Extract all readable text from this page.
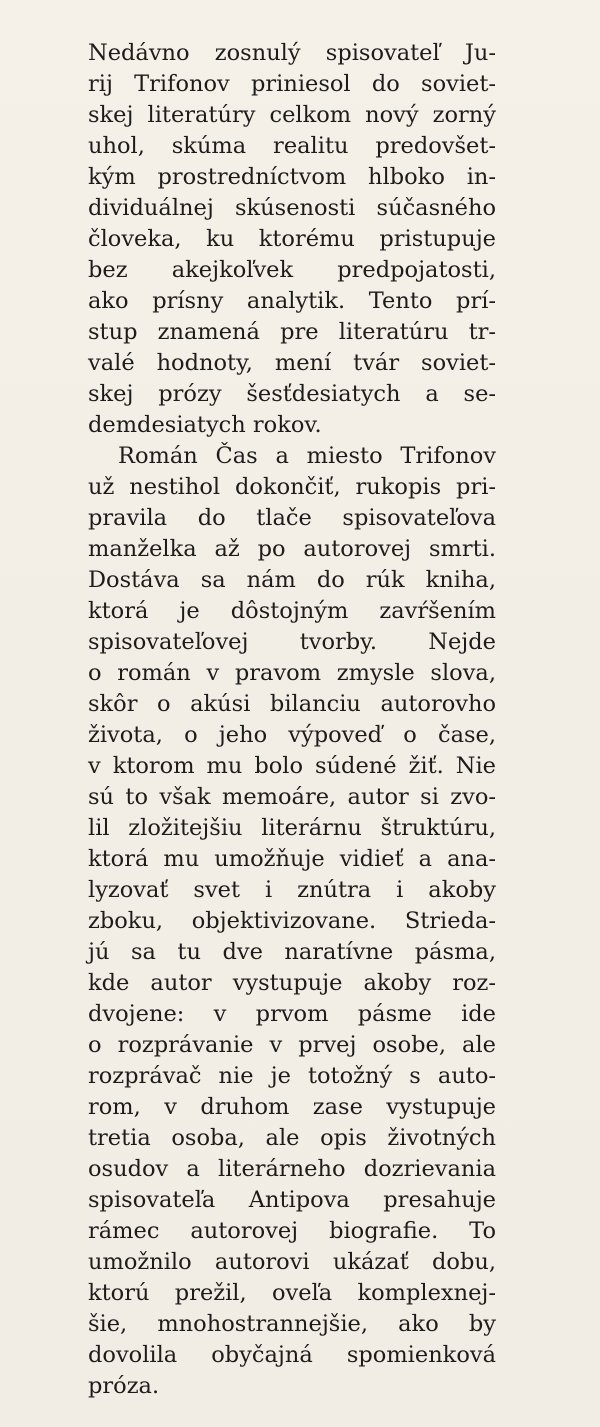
Nedávno zosnulý spisovateľ Ju-
rij Trifonov priniesol do soviet-
skej literatúry celkom nový zorný
uhol, skúma realitu predovšet-
kým prostredníctvom hlboko in-
dividuálnej skúsenosti súčasného
človeka, ku ktorému pristupuje
bez akejkoľvek predpojatosti,
ako prísny analytik. Tento prí-
stup znamená pre literatúru tr-
valé hodnoty, mení tvár soviet-
skej prózy šesťdesiatych a se-
demdesiatych rokov.
Román Čas a miesto Trifonov
už nestihol dokončiť, rukopis pri-
pravila do tlače spisovateľova
manželka až po autorovej smrti.
Dostáva sa nám do rúk kniha,
ktorá je dôstojným zavŕšením
spisovateľovej tvorby. Nejde
o román v pravom zmysle slova,
skôr o akúsi bilanciu autorovho
života, o jeho výpoveď o čase,
v ktorom mu bolo súdené žiť. Nie
sú to však memoáre, autor si zvo-
lil zložitejšiu literárnu štruktúru,
ktorá mu umožňuje vidieť a ana-
lyzovať svet i znútra i akoby
zboku, objektivizovane. Strieda-
jú sa tu dve naratívne pásma,
kde autor vystupuje akoby roz-
dvojene: v prvom pásme ide
o rozprávanie v prvej osobe, ale
rozprávač nie je totožný s auto-
rom, v druhom zase vystupuje
tretia osoba, ale opis životných
osudov a literárneho dozrievania
spisovateľa Antipova presahuje
rámec autorovej biografie. To
umožnilo autorovi ukázať dobu,
ktorú prežil, oveľa komplexnej-
šie, mnohostrannejšie, ako by
dovolila obyčajná spomienková
próza.
